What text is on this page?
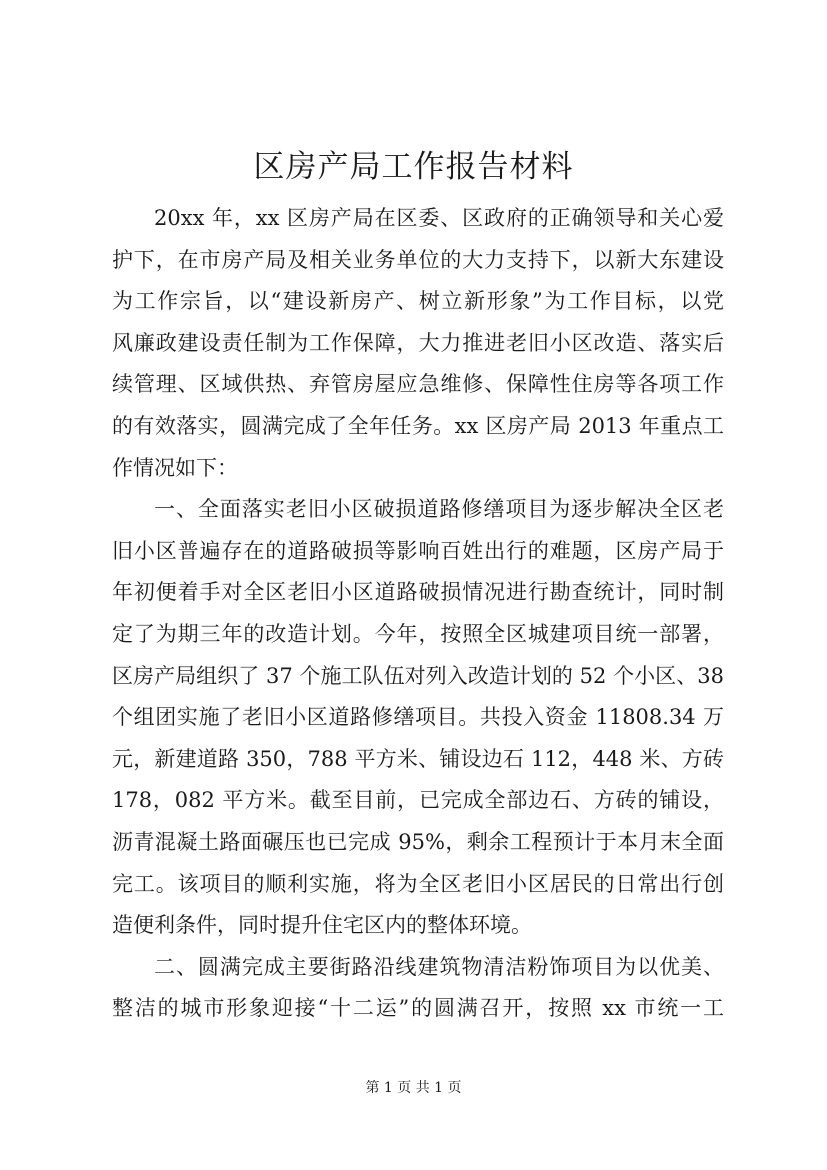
区房产局工作报告材料
20xx 年，xx 区房产局在区委、区政府的正确领导和关心爱
护下，在市房产局及相关业务单位的大力支持下，以新大东建设
为工作宗旨，以“建设新房产、树立新形象”为工作目标，以党
风廉政建设责任制为工作保障，大力推进老旧小区改造、落实后
续管理、区域供热、弃管房屋应急维修、保障性住房等各项工作
的有效落实，圆满完成了全年任务。xx 区房产局 2013 年重点工
作情况如下：
一、全面落实老旧小区破损道路修缮项目为逐步解决全区老
旧小区普遍存在的道路破损等影响百姓出行的难题，区房产局于
年初便着手对全区老旧小区道路破损情况进行勘查统计，同时制
定了为期三年的改造计划。今年，按照全区城建项目统一部署，
区房产局组织了 37 个施工队伍对列入改造计划的 52 个小区、38
个组团实施了老旧小区道路修缮项目。共投入资金 11808.34 万
元，新建道路 350，788 平方米、铺设边石 112，448 米、方砖
178，082 平方米。截至目前，已完成全部边石、方砖的铺设，
沥青混凝土路面碾压也已完成 95%，剩余工程预计于本月末全面
完工。该项目的顺利实施，将为全区老旧小区居民的日常出行创
造便利条件，同时提升住宅区内的整体环境。
二、圆满完成主要街路沿线建筑物清洁粉饰项目为以优美、
整洁的城市形象迎接“十二运”的圆满召开，按照 xx 市统一工
第 1 页 共 1 页
